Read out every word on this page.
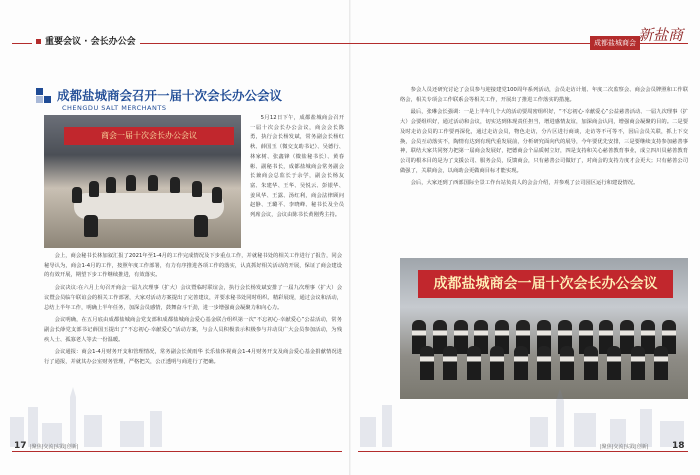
重要会议 · 会长办公会	成都盐城商会 新盐商
成都盐城商会召开一届十次会长办公会议
CHENGDU SALT MERCHANTS
商会一届十次会长办公会议

5月12日下午，成都盐城商会召开一届十次会长办公会议，商会会长陈勇，执行会长杨发斌，常务副会长杨红秋、薛国玉（微交支助书记）、吴德行、林家树、张鑫锋（微盐秘书长）、黄春彬、副秘书长，成都盐城商会常务副会长兼商会总监长于余学，副会长杨友富、朱建华、王华、吴悦云、彭银华、姜风华、王露、汤红利，商会法律顾问赵静、王璐平、李晓峰、秘书长及全员列席会议，会议由陈书长黄刚秀主持。

会上，商会秘书长林加叙汇报了2021年至1-4月的工作完成情况及下步重点工作，并就秘书处的相关工作进行了报告，同会秘导认为，商会1-4月的工作，按照年度工作部署，有力有序推进各项工作的落实，认真抓好相关活动的开展，保证了商会建设的有效开展，期望下步工作继续推进，有效落实。

会议决议:在六月上旬召开商会一届九次理事（扩大）会议暨临时联谊会，执行会长杨发斌安排了一届九次理事（扩大）会议暨会员临午联谊会的相关工作部署，大家对活动方案提出了完善建议，并要求秘书处同时组织、精彩展现，通过会议和活动，总结上半年工作，明确上半年任务，加深会员感情，鼓舞奋斗干劲，进一步增强商会凝聚力和向心力。

会议明确，在五月底由成都盐城商会党支部和成都盐城商会爱心基金联合组织第一次“不忘初心·幸献爱心”公益活动，常务副会长薛党支部书记薛国玉提出了“不忘初心·幸献爱心”活动方案，与会人员积极表示积极参与并动员广大会员参加活动，为残疾人士、孤寡老人等去一份温暖。

会议通报：商会1-4月财务开支和管理情况，常务副会长黄雨华 长乐盐休视商会1-4月财务开支及商会爱心基金捐献情况进行了通报，并就其办公室财务管理，严格把关，公正透明与商进行了把确。

参会人员还研究讨论了会员参与迎接建党100周年系列活动，会员走访计划、年度二次监察会、商会会员牌照和工作联络会，相关专项会工作联系会等相关工作，开展出了推进工作落实的措施。

最后，张琳会长强调：一是上半年几个大的活动要周密组织好，“不忘初心·幸献爱心”公益慈善活动、一届九次理事（扩大）会要组织好，通过活动和会议，切实达到体现责任担当，增进感情友谊，加深商会认同，增强商会凝聚的目的。二是要及时走访会员的工作要再深化，通过走访会员，物色走访，分片区进行商谈，走访等不可等不，因后会员关联，抓上下交换，会员互动落实不，陶情有达到有现代重发展前，分析研究面向代的展导，今年要优先安排，三是要继续支持参加慈善事神，联结大家共同努力把第一届商会发展好，把德商会个品质树立好，四是支持和关心慈善教育事业，成立四川员慈善教育公司的根本目的是为了支援公司、服务会员，反馈商会，只有慈善公司做好了，对商会的支持力度才会更大；只有慈善公司做强了，关联商会，以商助会更做商目标才能实现。

会后，大家还到了西部国际全景工作台站负责人的会会介绍，并参观了公司园区运行和建设情况。

成都盐城商会一届十次会长办公会议
17 |聚焦|交流|实践|创新|	|聚焦|交流|实践|创新|	18
